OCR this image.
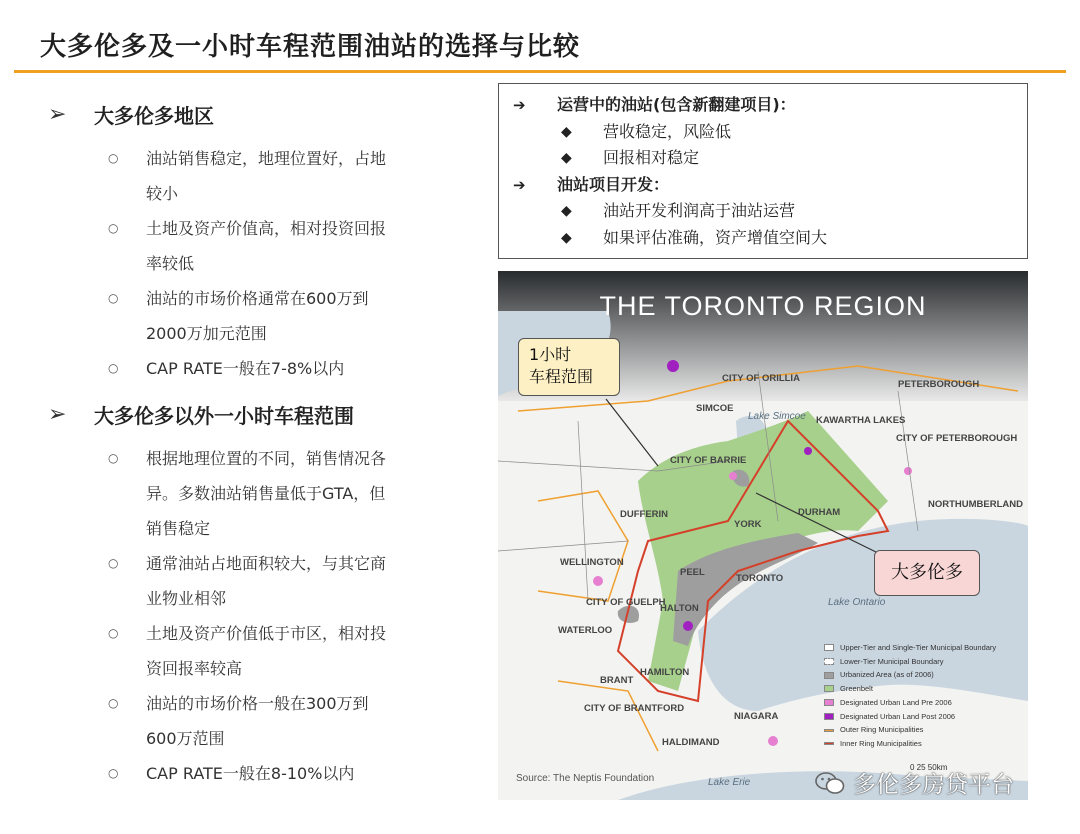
大多伦多及一小时车程范围油站的选择与比较
➢	大多伦多地区
○ 油站销售稳定，地理位置好，占地
较小
○ 土地及资产价值高，相对投资回报
率较低
○ 油站的市场价格通常在600万到
2000万加元范围
○ CAP RATE一般在7-8%以内
➢	大多伦多以外一小时车程范围
○ 根据地理位置的不同，销售情况各
异。多数油站销售量低于GTA，但
销售稳定
○ 通常油站占地面积较大，与其它商
业物业相邻
○ 土地及资产价值低于市区，相对投
资回报率较高
○ 油站的市场价格一般在300万到
600万范围
○ CAP RATE一般在8-10%以内
➔	运营中的油站(包含新翻建项目)：
◆	营收稳定，风险低
◆	回报相对稳定
➔	油站项目开发：
◆	油站开发利润高于油站运营
◆	如果评估准确，资产增值空间大
THE TORONTO REGION
CITY OF ORILLIA
PETERBOROUGH
SIMCOE
KAWARTHA LAKES
CITY OF PETERBOROUGH
CITY OF BARRIE
NORTHUMBERLAND
DUFFERIN
YORK
DURHAM
WELLINGTON
PEEL
TORONTO
CITY OF GUELPH
HALTON
WATERLOO
HAMILTON
BRANT
CITY OF BRANTFORD
NIAGARA
HALDIMAND
Lake Simcoe
Lake Ontario
Lake Erie
Upper-Tier and Single-Tier Municipal Boundary
Lower-Tier Municipal Boundary
Urbanized Area (as of 2006)
Greenbelt
Designated Urban Land Pre 2006
Designated Urban Land Post 2006
Outer Ring Municipalities
Inner Ring Municipalities
0 25 50km
Source: The Neptis Foundation
1小时
车程范围
大多伦多
多伦多房贷平台
